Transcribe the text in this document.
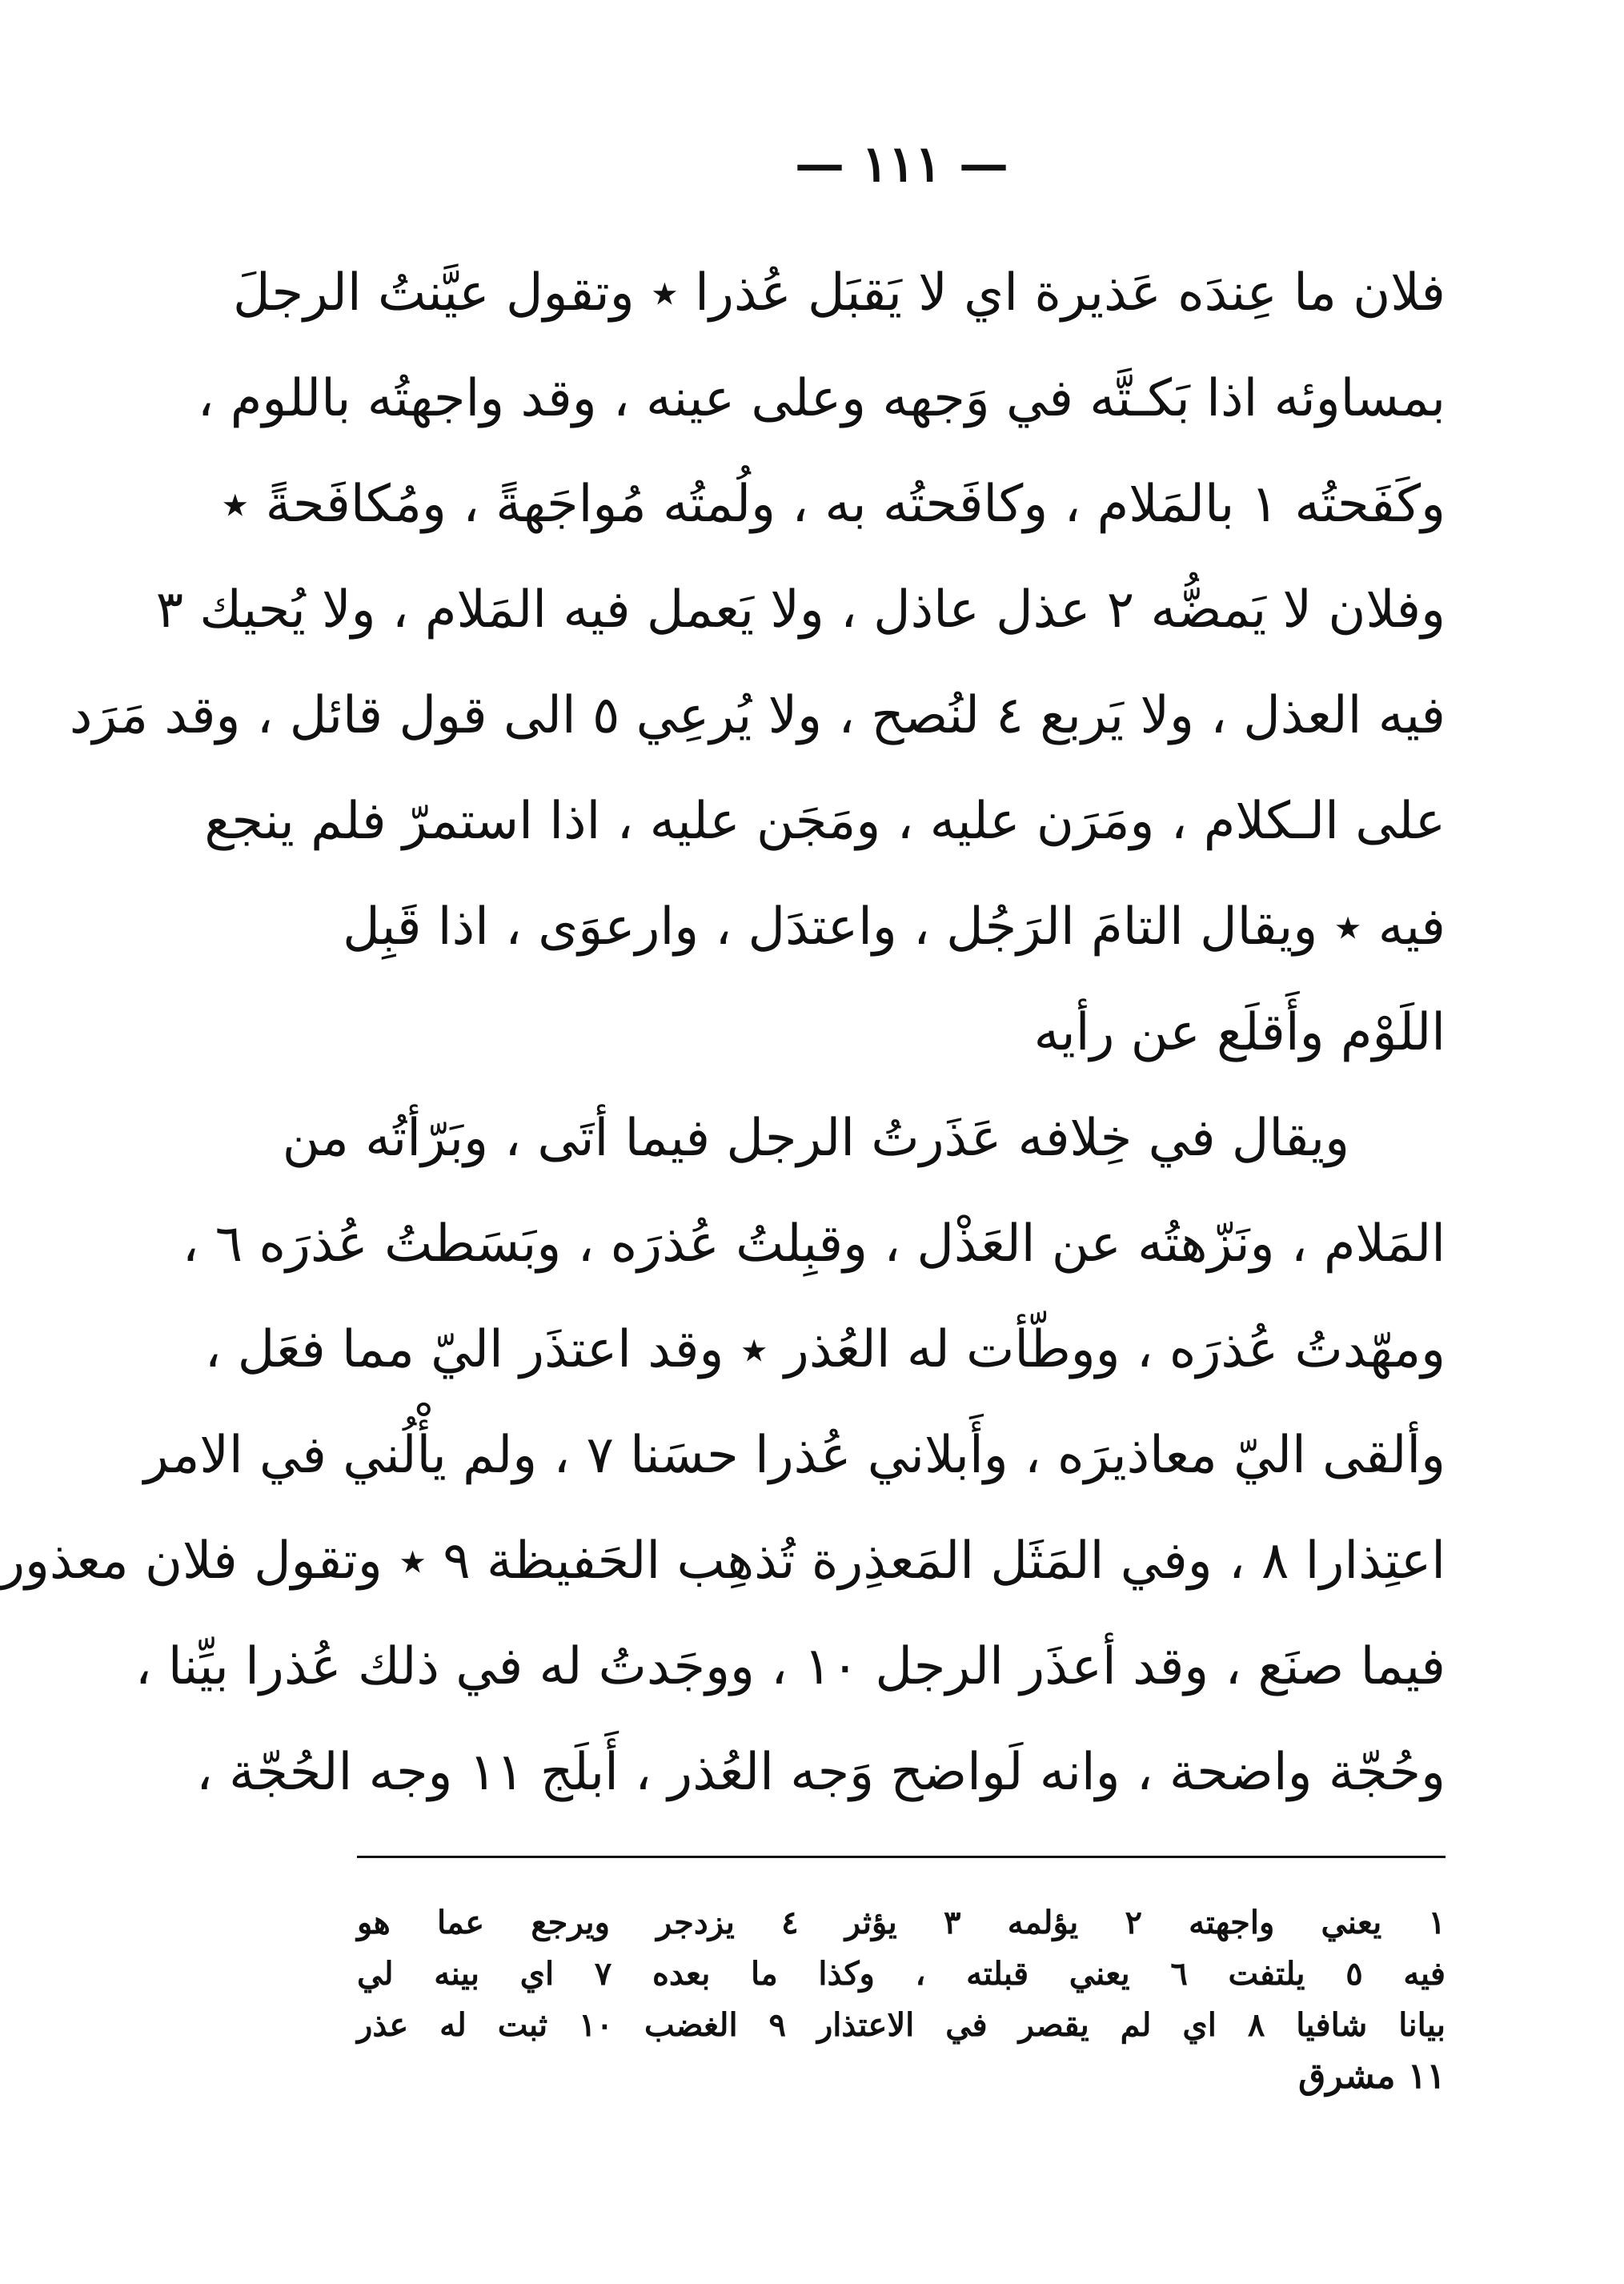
— ١١١ —
فلان ما عِندَه عَذيرة اي لا يَقبَل عُذرا ٭ وتقول عيَّنتُ الرجلَ
بمساوئه اذا بَكـتَّه في وَجهه وعلى عينه ، وقد واجهتُه باللوم ،
وكَفَحتُه ١ بالمَلام ، وكافَحتُه به ، ولُمتُه مُواجَهةً ، ومُكافَحةً ٭
وفلان لا يَمضُّه ٢ عذل عاذل ، ولا يَعمل فيه المَلام ، ولا يُحيك ٣
فيه العذل ، ولا يَربع ٤ لنُصح ، ولا يُرعِي ٥ الى قول قائل ، وقد مَرَد
على الـكلام ، ومَرَن عليه ، ومَجَن عليه ، اذا استمرّ فلم ينجع
فيه ٭ ويقال التامَ الرَجُل ، واعتدَل ، وارعوَى ، اذا قَبِل
اللَوْم وأَقلَع عن رأيه
ويقال في خِلافه عَذَرتُ الرجل فيما أتَى ، وبَرّأتُه من
المَلام ، ونَزّهتُه عن العَذْل ، وقبِلتُ عُذرَه ، وبَسَطتُ عُذرَه ٦ ،
ومهّدتُ عُذرَه ، ووطّأت له العُذر ٭ وقد اعتذَر اليّ مما فعَل ،
وألقى اليّ معاذيرَه ، وأَبلاني عُذرا حسَنا ٧ ، ولم يأْلُني في الامر
اعتِذارا ٨ ، وفي المَثَل المَعذِرة تُذهِب الحَفيظة ٩ ٭ وتقول فلان معذور
فيما صنَع ، وقد أعذَر الرجل ١٠ ، ووجَدتُ له في ذلك عُذرا بيِّنا ،
وحُجّة واضحة ، وانه لَواضح وَجه العُذر ، أَبلَج ١١ وجه الحُجّة ،
١ يعني واجهته ٢ يؤلمه ٣ يؤثر ٤ يزدجر ويرجع عما هو
فيه ٥ يلتفت ٦ يعني قبلته ، وكذا ما بعده ٧ اي بينه لي
بيانا شافيا ٨ اي لم يقصر في الاعتذار ٩ الغضب ١٠ ثبت له عذر
١١ مشرق
